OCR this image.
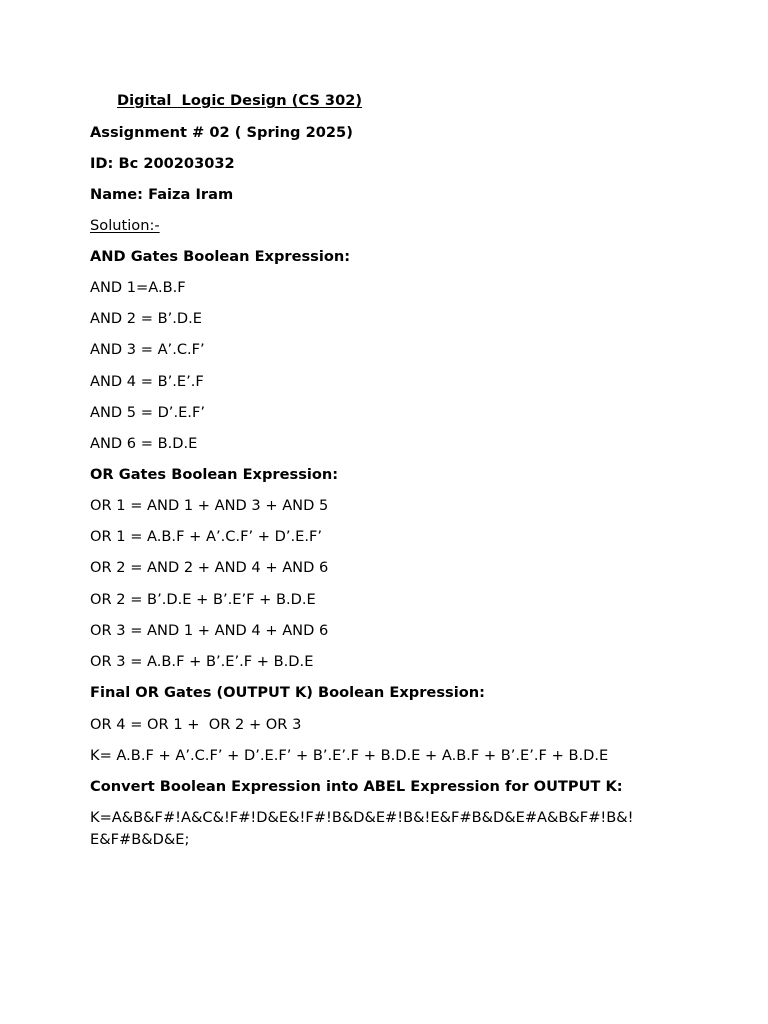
Digital  Logic Design (CS 302)
Assignment # 02 ( Spring 2025)
ID: Bc 200203032
Name: Faiza Iram
Solution:-
AND Gates Boolean Expression:
AND 1=A.B.F
AND 2 = B’.D.E
AND 3 = A’.C.F’
AND 4 = B’.E’.F
AND 5 = D’.E.F’
AND 6 = B.D.E
OR Gates Boolean Expression:
OR 1 = AND 1 + AND 3 + AND 5
OR 1 = A.B.F + A’.C.F’ + D’.E.F’
OR 2 = AND 2 + AND 4 + AND 6
OR 2 = B’.D.E + B’.E’F + B.D.E
OR 3 = AND 1 + AND 4 + AND 6
OR 3 = A.B.F + B’.E’.F + B.D.E
Final OR Gates (OUTPUT K) Boolean Expression:
OR 4 = OR 1 +  OR 2 + OR 3
K= A.B.F + A’.C.F’ + D’.E.F’ + B’.E’.F + B.D.E + A.B.F + B’.E’.F + B.D.E
Convert Boolean Expression into ABEL Expression for OUTPUT K:
K=A&B&F#!A&C&!F#!D&E&!F#!B&D&E#!B&!E&F#B&D&E#A&B&F#!B&!
E&F#B&D&E;
